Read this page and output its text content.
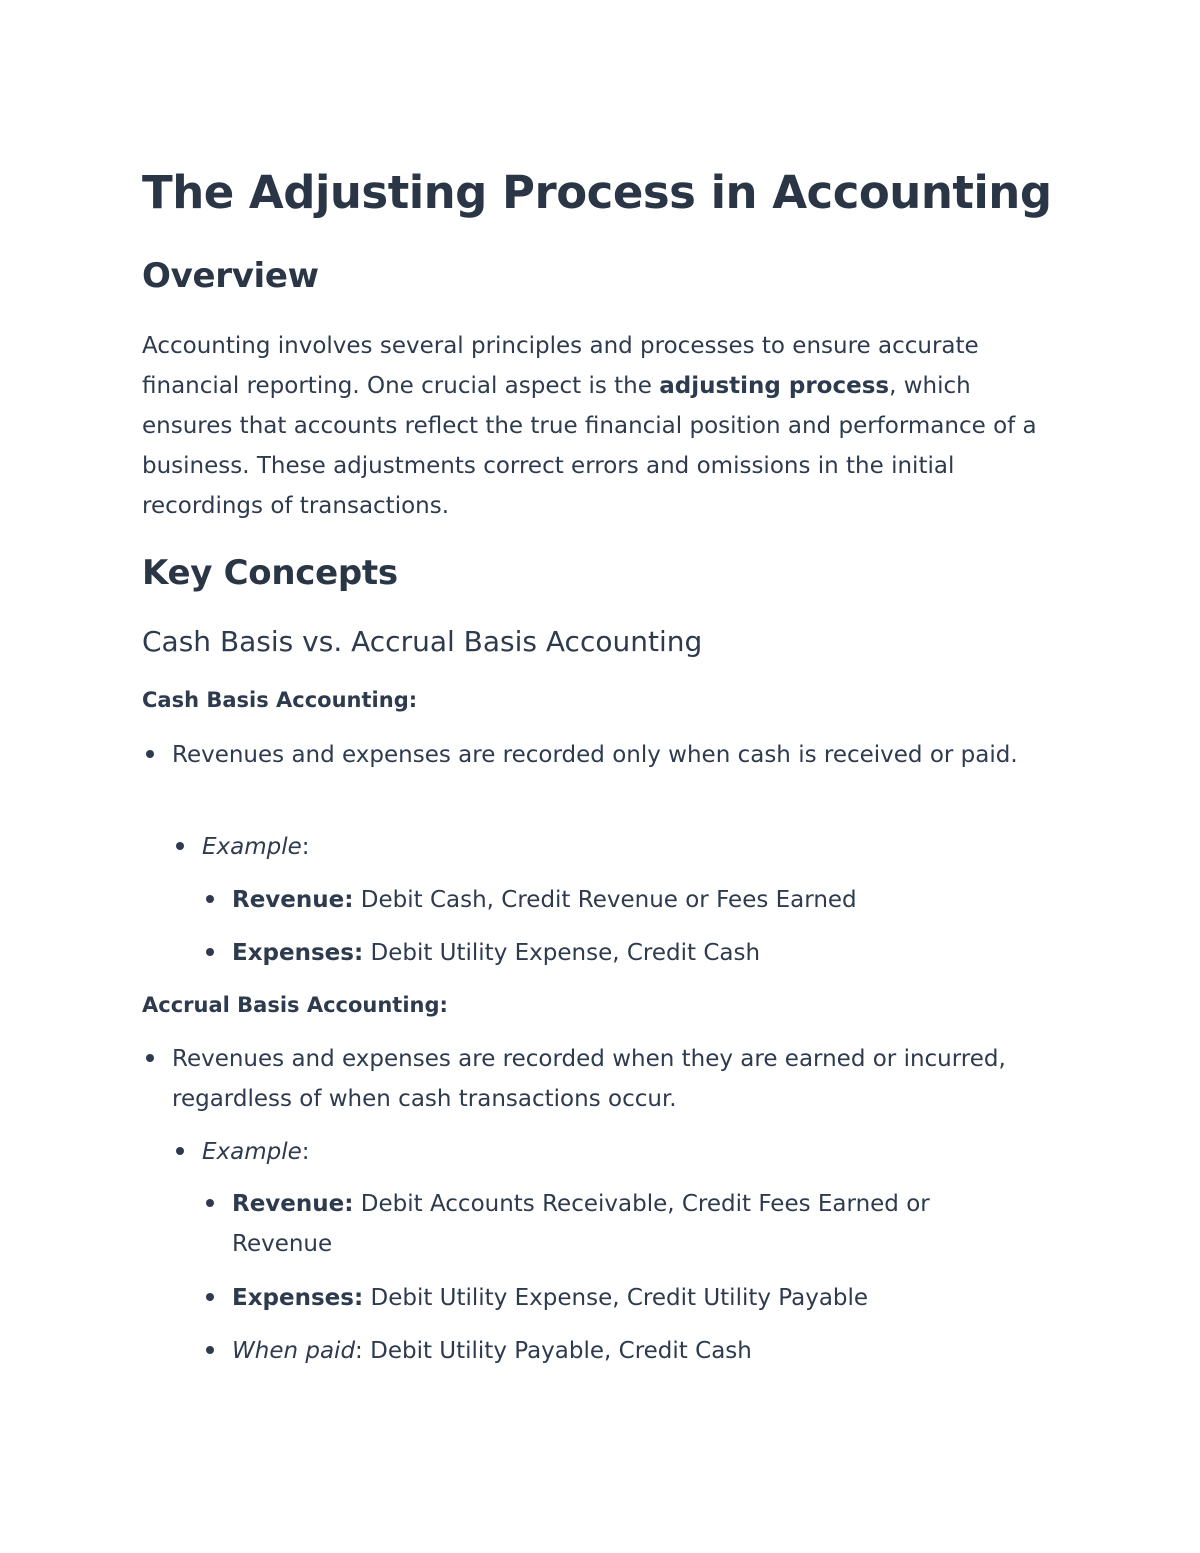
The Adjusting Process in Accounting
Overview

Accounting involves several principles and processes to ensure accurate financial reporting. One crucial aspect is the adjusting process, which ensures that accounts reflect the true financial position and performance of a business. These adjustments correct errors and omissions in the initial recordings of transactions.

Key Concepts
Cash Basis vs. Accrual Basis Accounting

Cash Basis Accounting:

Revenues and expenses are recorded only when cash is received or paid.
Example:
Revenue: Debit Cash, Credit Revenue or Fees Earned
Expenses: Debit Utility Expense, Credit Cash

Accrual Basis Accounting:

Revenues and expenses are recorded when they are earned or incurred, regardless of when cash transactions occur.
Example:
Revenue: Debit Accounts Receivable, Credit Fees Earned or Revenue
Expenses: Debit Utility Expense, Credit Utility Payable
When paid: Debit Utility Payable, Credit Cash
